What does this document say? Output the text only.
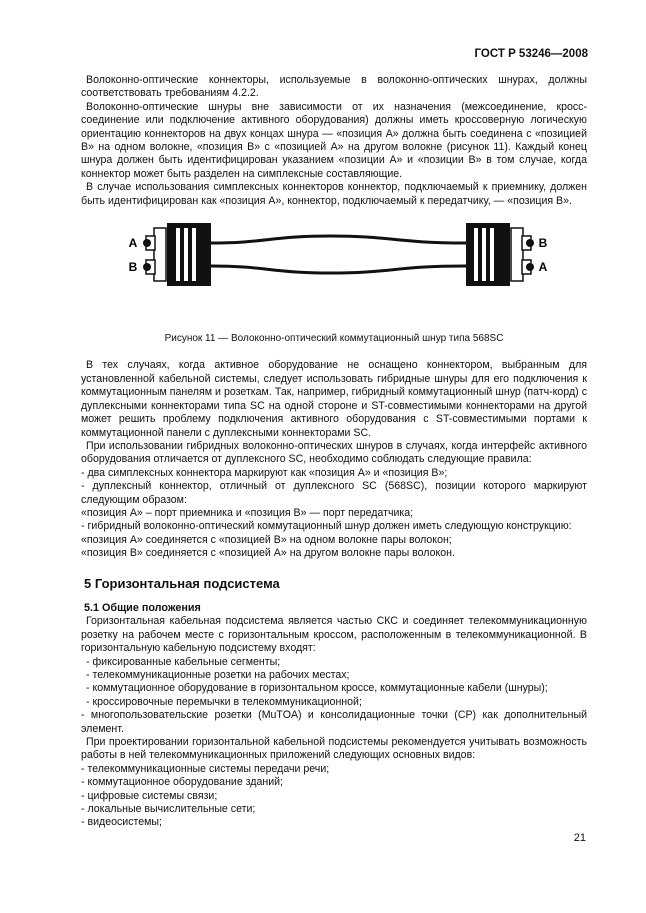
ГОСТ Р 53246—2008

Волоконно-оптические коннекторы, используемые в волоконно-оптических шнурах, должны соответствовать требованиям 4.2.2.

Волоконно-оптические шнуры вне зависимости от их назначения (межсоединение, кросс-соединение или подключение активного оборудования) должны иметь кроссоверную логическую ориентацию коннекторов на двух концах шнура — «позиция А» должна быть соединена с «позицией В» на одном волокне, «позиция В» с «позицией А» на другом волокне (рисунок 11). Каждый конец шнура должен быть идентифицирован указанием «позиции А» и «позиции В» в том случае, когда коннектор может быть разделен на симплексные составляющие.

В случае использования симплексных коннекторов коннектор, подключаемый к приемнику, должен быть идентифицирован как «позиция А», коннектор, подключаемый к передатчику, — «позиция В».

A
B
B
A
Рисунок 11 — Волоконно-оптический коммутационный шнур типа 568SC

В тех случаях, когда активное оборудование не оснащено коннектором, выбранным для установленной кабельной системы, следует использовать гибридные шнуры для его подключения к коммутационным панелям и розеткам. Так, например, гибридный коммутационный шнур (патч-корд) с дуплексными коннекторами типа SC на одной стороне и ST-совместимыми коннекторами на другой может решить проблему подключения активного оборудования с ST-совместимыми портами к коммутационной панели с дуплексными коннекторами SC.

При использовании гибридных волоконно-оптических шнуров в случаях, когда интерфейс активного оборудования отличается от дуплексного SC, необходимо соблюдать следующие правила:

- два симплексных коннектора маркируют как «позиция А» и «позиция В»;

- дуплексный коннектор, отличный от дуплексного SC (568SC), позиции которого маркируют следующим образом:

«позиция А» – порт приемника и «позиция В» — порт передатчика;

- гибридный волоконно-оптический коммутационный шнур должен иметь следующую конструкцию:

«позиция А» соединяется с «позицией В» на одном волокне пары волокон;

«позиция В» соединяется с «позицией А» на другом волокне пары волокон.

5 Горизонтальная подсистема
5.1 Общие положения

Горизонтальная кабельная подсистема является частью СКС и соединяет телекоммуникационную розетку на рабочем месте с горизонтальным кроссом, расположенным в телекоммуникационной. В горизонтальную кабельную подсистему входят:

- фиксированные кабельные сегменты;

- телекоммуникационные розетки на рабочих местах;

- коммутационное оборудование в горизонтальном кроссе, коммутационные кабели (шнуры);

- кроссировочные перемычки в телекоммуникационной;

- многопользовательские розетки (MuTOA) и консолидационные точки (СР) как дополнительный элемент.

При проектировании горизонтальной кабельной подсистемы рекомендуется учитывать возможность работы в ней телекоммуникационных приложений следующих основных видов:

- телекоммуникационные системы передачи речи;

- коммутационное оборудование зданий;

- цифровые системы связи;

- локальные вычислительные сети;

- видеосистемы;

21
